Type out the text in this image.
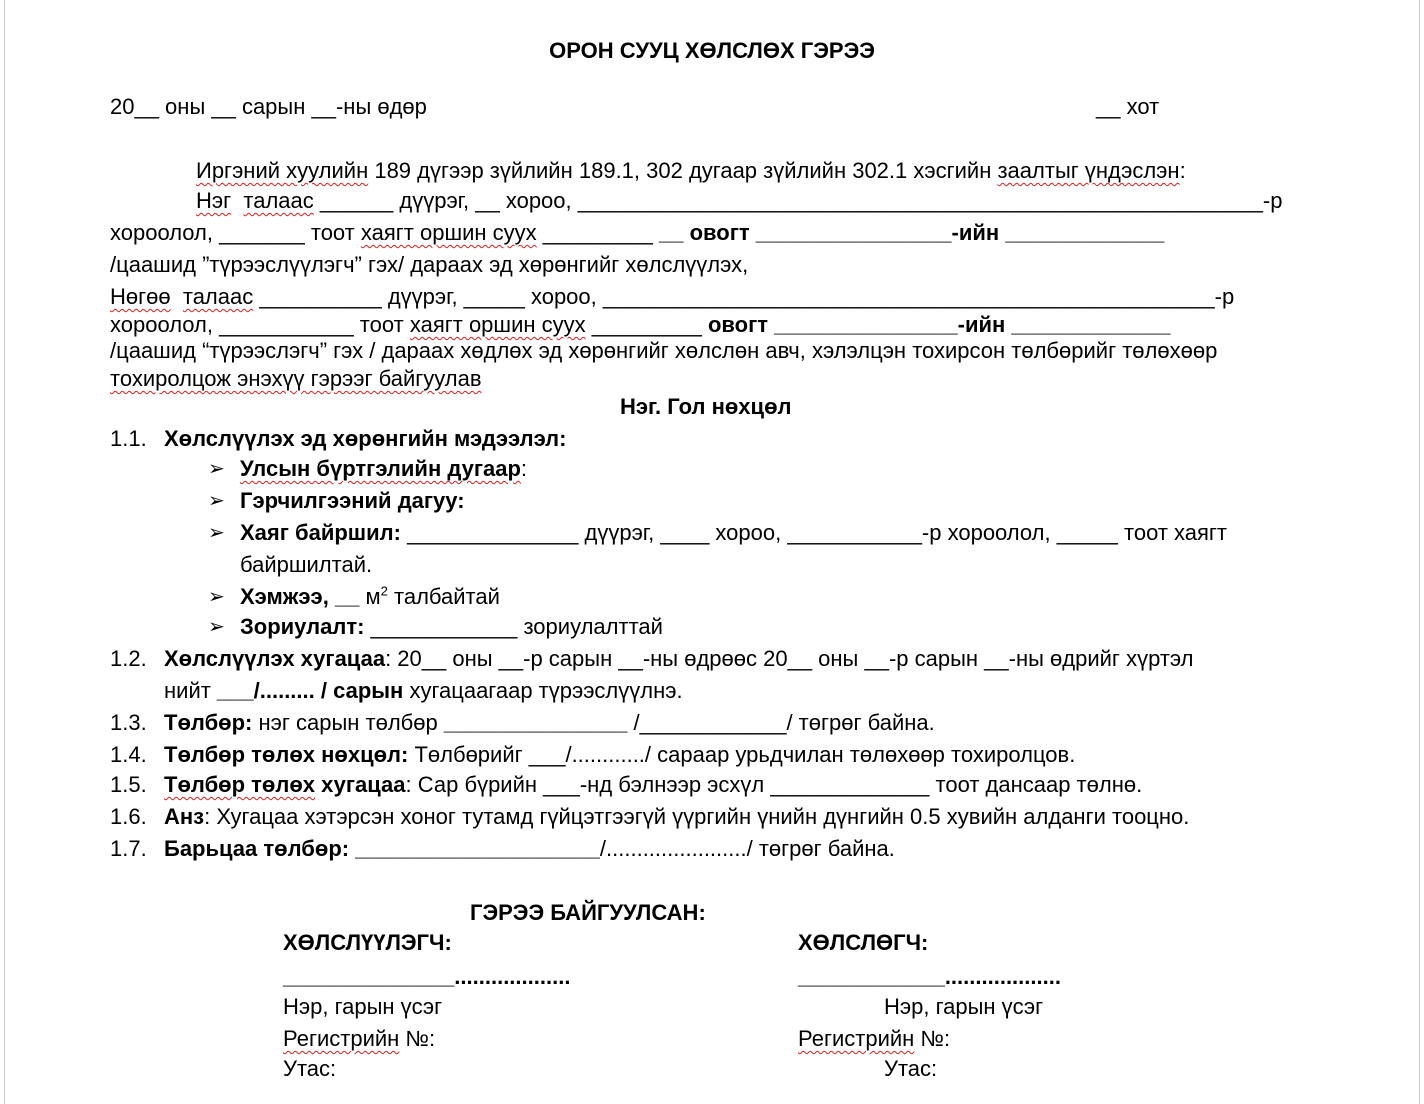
ОРОН СУУЦ ХӨЛСЛӨХ ГЭРЭЭ
20__ оны __ сарын __-ны өдөр	__ хот
Иргэний хуулийн 189 дүгээр зүйлийн 189.1, 302 дугаар зүйлийн 302.1 хэсгийн заалтыг үндэслэн:
Нэг талаас ______ дүүрэг, __ хороо, ________________________________________________________-р
хороолол, _______ тоот хаягт оршин суух _________ __ овогт ________________-ийн _____________
/цаашид ”түрээслүүлэгч” гэх/ дараах эд хөрөнгийг хөлслүүлэх,
Нөгөө талаас __________ дүүрэг, _____ хороо, __________________________________________________-р
хороолол, ___________ тоот хаягт оршин суух _________ овогт _______________-ийн _____________
/цаашид “түрээслэгч” гэх / дараах хөдлөх эд хөрөнгийг хөлслөн авч, хэлэлцэн тохирсон төлбөрийг төлөхөөр
тохиролцож энэхүү гэрээг байгуулав
Нэг. Гол нөхцөл
1.1. Хөлслүүлэх эд хөрөнгийн мэдээлэл:
➢ Улсын бүртгэлийн дугаар:
➢ Гэрчилгээний дагуу:
➢ Хаяг байршил: ______________ дүүрэг, ____ хороо, ___________-р хороолол, _____ тоот хаягт
байршилтай.
➢ Хэмжээ, __ $м^2$ талбайтай
➢ Зориулалт: ____________ зориулалттай
1.2. Хөлслүүлэх хугацаа: 20__ оны __-р сарын __-ны өдрөөс 20__ оны __-р сарын __-ны өдрийг хүртэл
нийт ___/......... / сарын хугацаагаар түрээслүүлнэ.
1.3. Төлбөр: нэг сарын төлбөр _______________ /____________/ төгрөг байна.
1.4. Төлбөр төлөх нөхцөл: Төлбөрийг ___/............/ сараар урьдчилан төлөхөөр тохиролцов.
1.5. Төлбөр төлөх хугацаа: Сар бүрийн ___-нд бэлнээр эсхүл _____________ тоот дансаар төлнө.
1.6. Анз: Хугацаа хэтэрсэн хоног тутамд гүйцэтгээгүй үүргийн үнийн дүнгийн 0.5 хувийн алданги тооцно.
1.7. Барьцаа төлбөр: ____________________/......................./ төгрөг байна.
ГЭРЭЭ БАЙГУУЛСАН:
ХӨЛСЛҮҮЛЭГЧ:
______________...................
Нэр, гарын үсэг
Регистрийн №:
Утас:
ХӨЛСЛӨГЧ:
____________...................
Нэр, гарын үсэг
Регистрийн №:
Утас:
